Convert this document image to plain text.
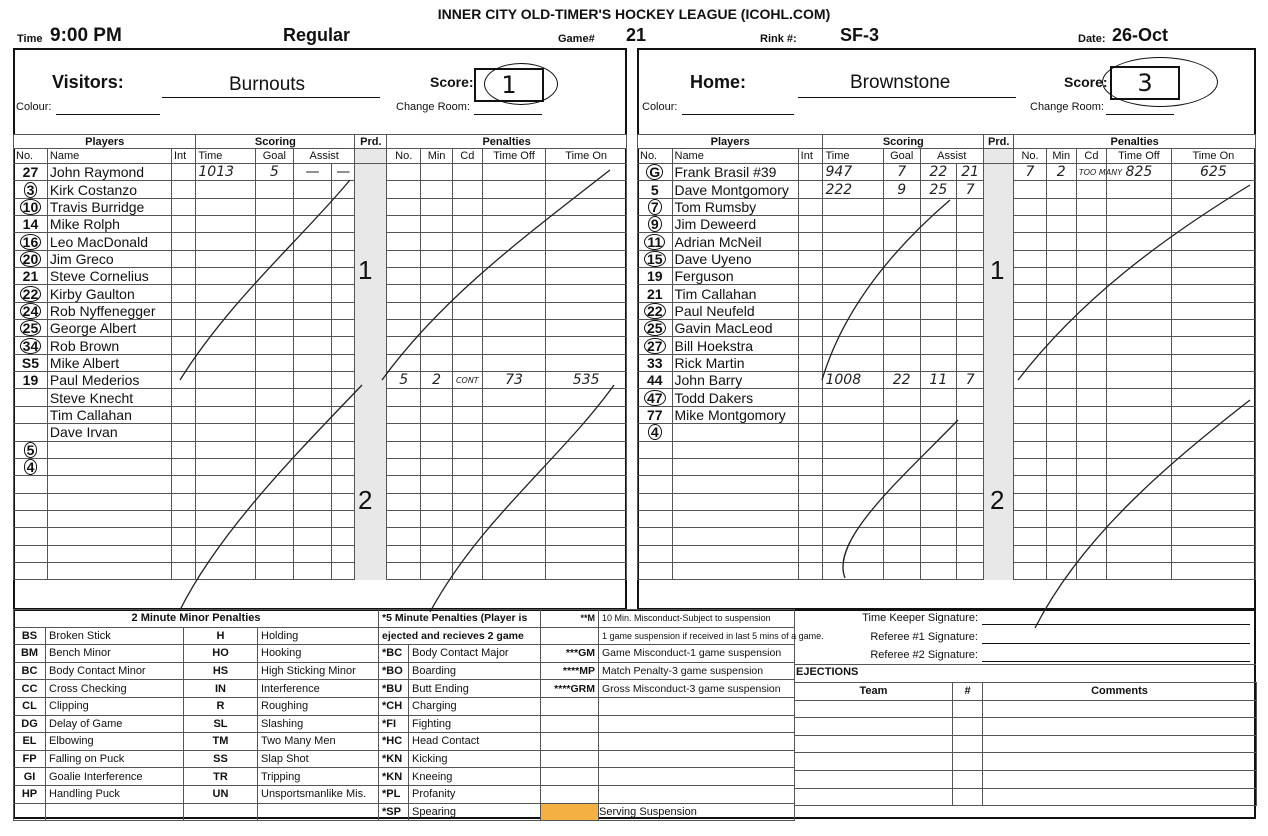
INNER CITY OLD-TIMER'S HOCKEY LEAGUE (ICOHL.COM)
Time 9:00 PM	Regular	Game# 21	Rink #: SF-3	Date: 26-Oct
Visitors:	Burnouts	Score:	1
Colour:	Change Room:
Players			Scoring				Prd.	Penalties				
No.	Name	Int	Time	Goal	Assist			No.	Min	Cd	Time Off	Time On
27	John Raymond		1013	5	—	—						
3	Kirk Costanzo											
10	Travis Burridge											
14	Mike Rolph											
16	Leo MacDonald											
20	Jim Greco											
21	Steve Cornelius											
22	Kirby Gaulton											
24	Rob Nyffenegger											
25	George Albert											
34	Rob Brown											
S5	Mike Albert											
19	Paul Mederios							5	2	CONT	73	535
	Steve Knecht											
	Tim Callahan											
	Dave Irvan											
5												
4												

1
2
Home:	Brownstone	Score:	3
Colour:	Change Room:
Players			Scoring				Prd.	Penalties				
No.	Name	Int	Time	Goal	Assist			No.	Min	Cd	Time Off	Time On
G	Frank Brasil #39		947	7	22	21		7	2	TOO MANY	825	625
5	Dave Montgomory		222	9	25	7						
7	Tom Rumsby											
9	Jim Deweerd											
11	Adrian McNeil											
15	Dave Uyeno											
19	Ferguson											
21	Tim Callahan											
22	Paul Neufeld											
25	Gavin MacLeod											
27	Bill Hoekstra											
33	Rick Martin											
44	John Barry		1008	22	11	7						
47	Todd Dakers											
77	Mike Montgomory											
4												

1
2
2 Minute Minor Penalties			
BS	Broken Stick	H	Holding
BM	Bench Minor	HO	Hooking
BC	Body Contact Minor	HS	High Sticking Minor
CC	Cross Checking	IN	Interference
CL	Clipping	R	Roughing
DG	Delay of Game	SL	Slashing
EL	Elbowing	TM	Two Many Men
FP	Falling on Puck	SS	Slap Shot
GI	Goalie Interference	TR	Tripping
HP	Handling Puck	UN	Unsportsmanlike Mis.

*5 Minute Penalties (Player is	
ejected and recieves 2 game	
*BC	Body Contact Major
*BO	Boarding
*BU	Butt Ending
*CH	Charging
*FI	Fighting
*HC	Head Contact
*KN	Kicking
*KN	Kneeing
*PL	Profanity
*SP	Spearing
**M	10 Min. Misconduct-Subject to suspension
	1 game suspension if received in last 5 mins of a game.
***GM	Game Misconduct-1 game suspension
****MP	Match Penalty-3 game suspension
****GRM	Gross Misconduct-3 game suspension

	Serving Suspension
Time Keeper Signature:
Referee #1 Signature:
Referee #2 Signature:
EJECTIONS
Team	#	Comments
